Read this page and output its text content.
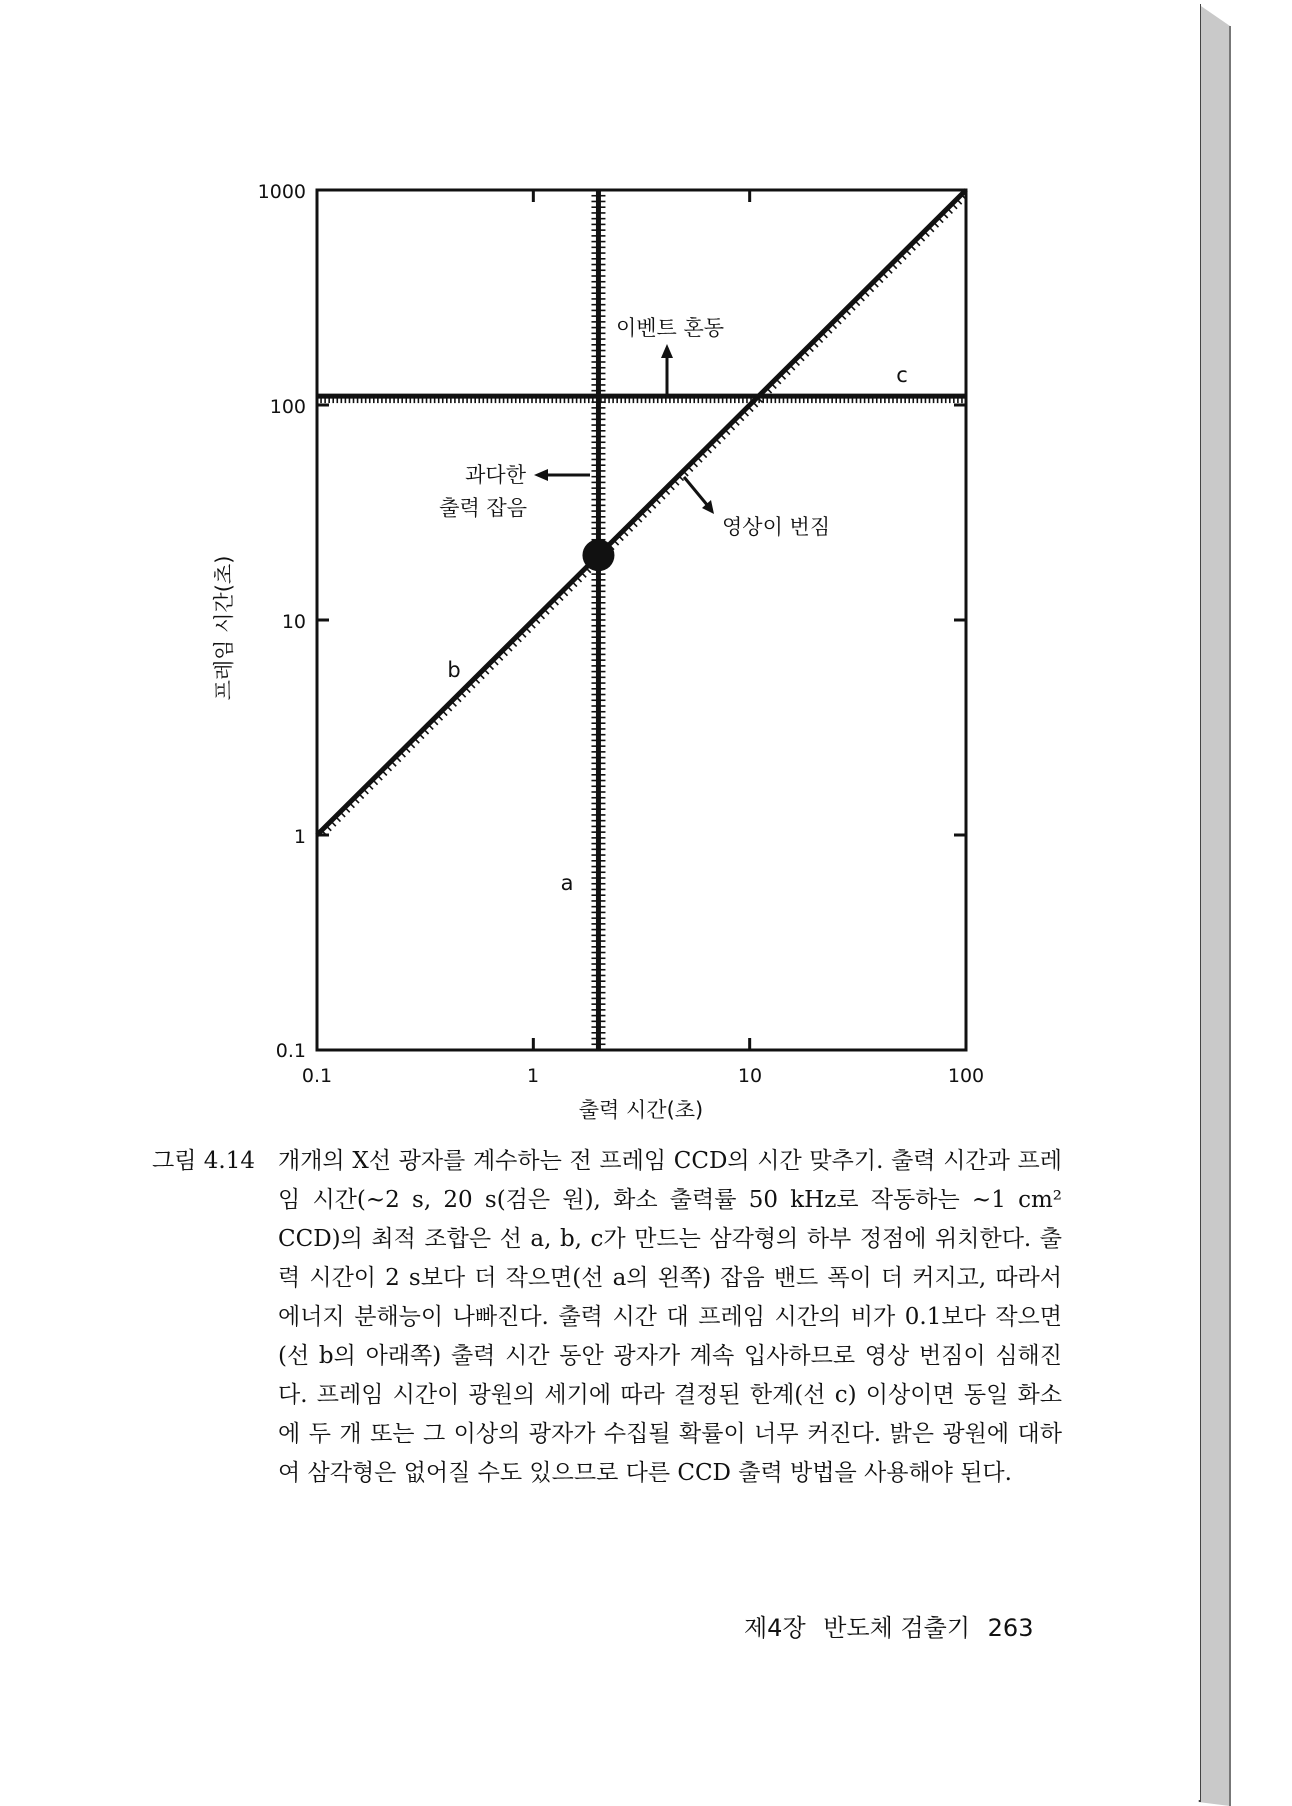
0.1	1	10	100
0.1
1
10
100
1000
출력 시간(초)
프레임 시간(초)
a
b
c
이벤트 혼동
과다한
출력 잡음
영상이 번짐
그림 4.14 개개의 X선 광자를 계수하는 전 프레임 CCD의 시간 맞추기. 출력 시간과 프레임 시간(~2 s, 20 s(검은 원), 화소 출력률 50 kHz로 작동하는 ~1 cm² CCD)의 최적 조합은 선 a, b, c가 만드는 삼각형의 하부 정점에 위치한다. 출력 시간이 2 s보다 더 작으면(선 a의 왼쪽) 잡음 밴드 폭이 더 커지고, 따라서 에너지 분해능이 나빠진다. 출력 시간 대 프레임 시간의 비가 0.1보다 작으면(선 b의 아래쪽) 출력 시간 동안 광자가 계속 입사하므로 영상 번짐이 심해진다. 프레임 시간이 광원의 세기에 따라 결정된 한계(선 c) 이상이면 동일 화소에 두 개 또는 그 이상의 광자가 수집될 확률이 너무 커진다. 밝은 광원에 대하여 삼각형은 없어질 수도 있으므로 다른 CCD 출력 방법을 사용해야 된다.
제4장 반도체 검출기 263
